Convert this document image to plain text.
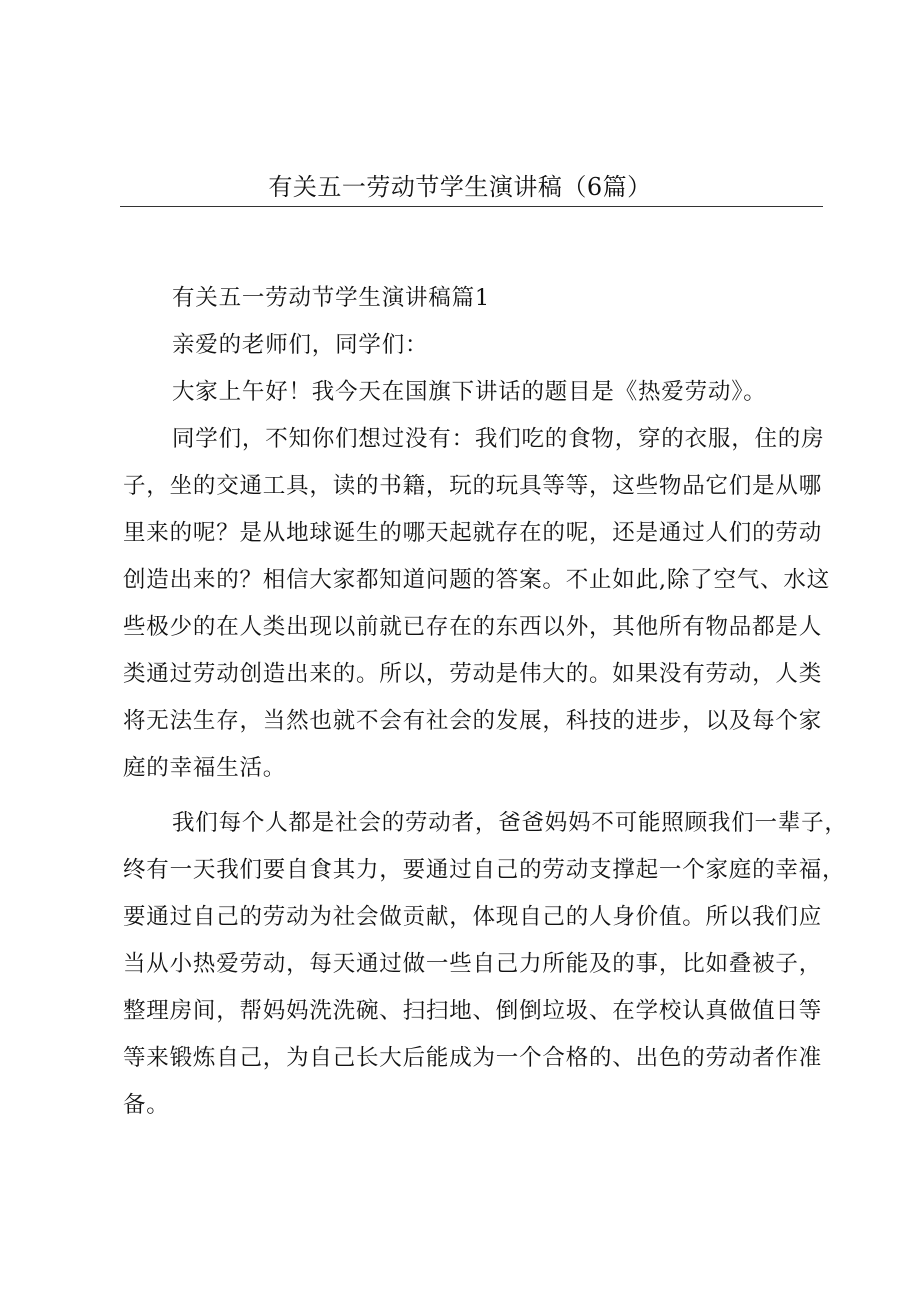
有关五一劳动节学生演讲稿（6篇）
有关五一劳动节学生演讲稿篇1
亲爱的老师们，同学们：
大家上午好！我今天在国旗下讲话的题目是《热爱劳动》。
同学们，不知你们想过没有：我们吃的食物，穿的衣服，住的房
子，坐的交通工具，读的书籍，玩的玩具等等，这些物品它们是从哪
里来的呢？是从地球诞生的哪天起就存在的呢，还是通过人们的劳动
创造出来的？相信大家都知道问题的答案。不止如此,除了空气、水这
些极少的在人类出现以前就已存在的东西以外，其他所有物品都是人
类通过劳动创造出来的。所以，劳动是伟大的。如果没有劳动，人类
将无法生存，当然也就不会有社会的发展，科技的进步，以及每个家
庭的幸福生活。
我们每个人都是社会的劳动者，爸爸妈妈不可能照顾我们一辈子，
终有一天我们要自食其力，要通过自己的劳动支撑起一个家庭的幸福，
要通过自己的劳动为社会做贡献，体现自己的人身价值。所以我们应
当从小热爱劳动，每天通过做一些自己力所能及的事，比如叠被子，
整理房间，帮妈妈洗洗碗、扫扫地、倒倒垃圾、在学校认真做值日等
等来锻炼自己，为自己长大后能成为一个合格的、出色的劳动者作准
备。
